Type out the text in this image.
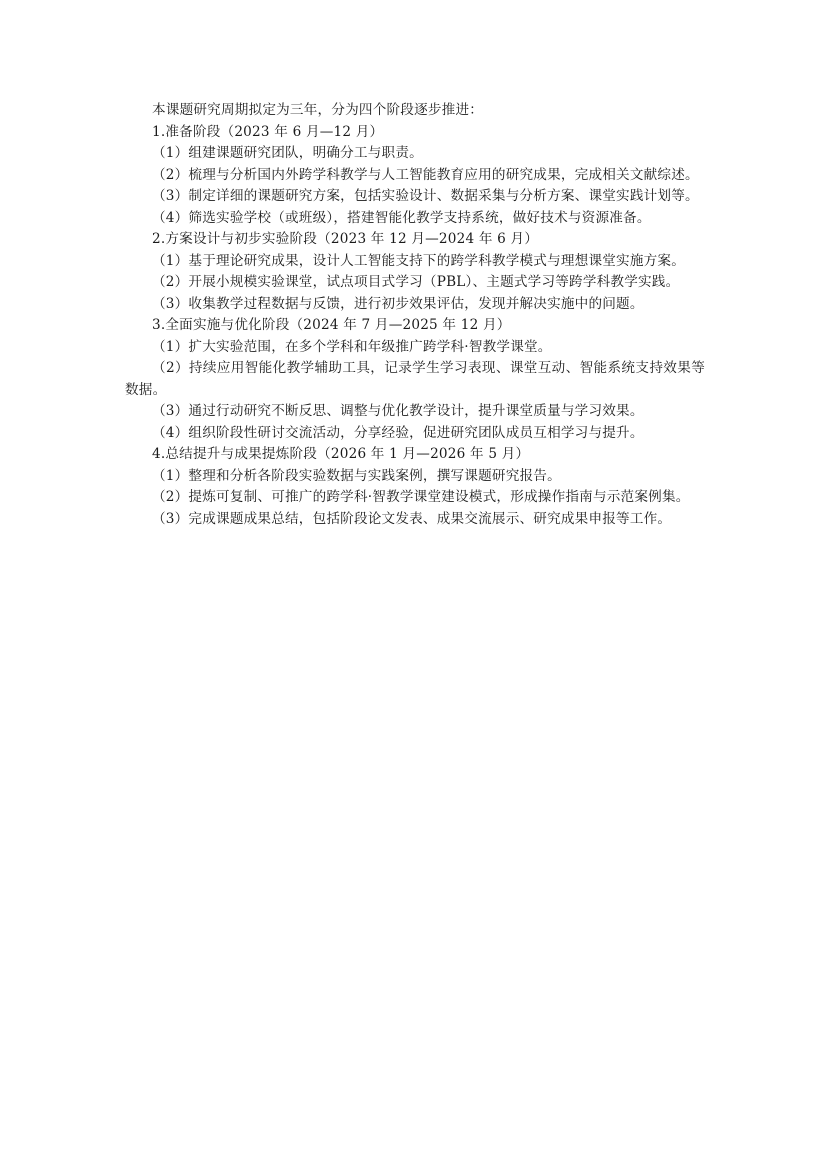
本课题研究周期拟定为三年，分为四个阶段逐步推进：

1.准备阶段（2023 年 6 月—12 月）

（1）组建课题研究团队，明确分工与职责。

（2）梳理与分析国内外跨学科教学与人工智能教育应用的研究成果，完成相关文献综述。

（3）制定详细的课题研究方案，包括实验设计、数据采集与分析方案、课堂实践计划等。

（4）筛选实验学校（或班级），搭建智能化教学支持系统，做好技术与资源准备。

2.方案设计与初步实验阶段（2023 年 12 月—2024 年 6 月）

（1）基于理论研究成果，设计人工智能支持下的跨学科教学模式与理想课堂实施方案。

（2）开展小规模实验课堂，试点项目式学习（PBL）、主题式学习等跨学科教学实践。

（3）收集教学过程数据与反馈，进行初步效果评估，发现并解决实施中的问题。

3.全面实施与优化阶段（2024 年 7 月—2025 年 12 月）

（1）扩大实验范围，在多个学科和年级推广跨学科·智教学课堂。

（2）持续应用智能化教学辅助工具，记录学生学习表现、课堂互动、智能系统支持效果等数据。

（3）通过行动研究不断反思、调整与优化教学设计，提升课堂质量与学习效果。

（4）组织阶段性研讨交流活动，分享经验，促进研究团队成员互相学习与提升。

4.总结提升与成果提炼阶段（2026 年 1 月—2026 年 5 月）

（1）整理和分析各阶段实验数据与实践案例，撰写课题研究报告。

（2）提炼可复制、可推广的跨学科·智教学课堂建设模式，形成操作指南与示范案例集。

（3）完成课题成果总结，包括阶段论文发表、成果交流展示、研究成果申报等工作。
